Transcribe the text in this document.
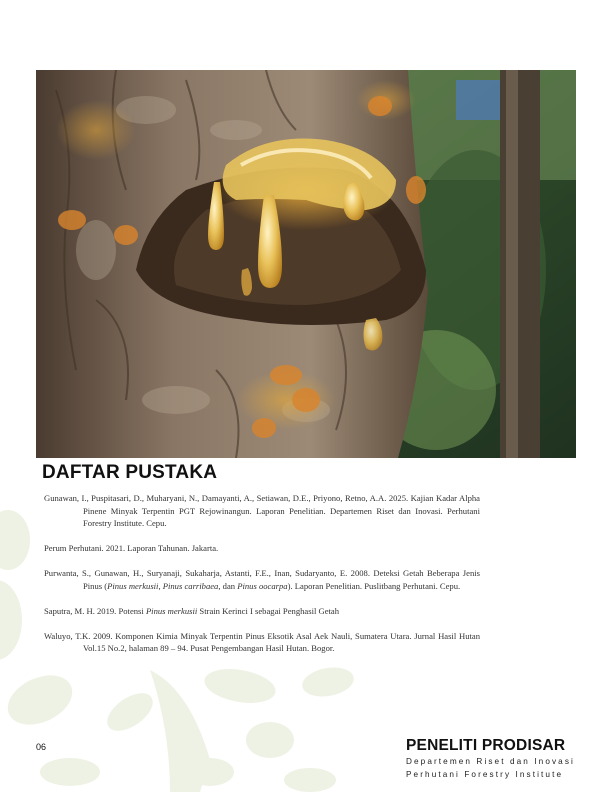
DAFTAR PUSTAKA

Gunawan, I., Puspitasari, D., Muharyani, N., Damayanti, A., Setiawan, D.E., Priyono, Retno, A.A. 2025. Kajian Kadar Alpha Pinene Minyak Terpentin PGT Rejowinangun. Laporan Penelitian. Departemen Riset dan Inovasi. Perhutani Forestry Institute. Cepu.

Perum Perhutani. 2021. Laporan Tahunan. Jakarta.

Purwanta, S., Gunawan, H., Suryanaji, Sukaharja, Astanti, F.E., Inan, Sudaryanto, E. 2008. Deteksi Getah Beberapa Jenis Pinus (Pinus merkusii, Pinus carribaea, dan Pinus oocarpa). Laporan Penelitian. Puslitbang Perhutani. Cepu.

Saputra, M. H. 2019. Potensi Pinus merkusii Strain Kerinci I sebagai Penghasil Getah

Waluyo, T.K. 2009. Komponen Kimia Minyak Terpentin Pinus Eksotik Asal Aek Nauli, Sumatera Utara. Jurnal Hasil Hutan Vol.15 No.2, halaman 89 – 94. Pusat Pengembangan Hasil Hutan. Bogor.

06	PENELITI PRODISAR
Departemen Riset dan Inovasi
Perhutani Forestry Institute
